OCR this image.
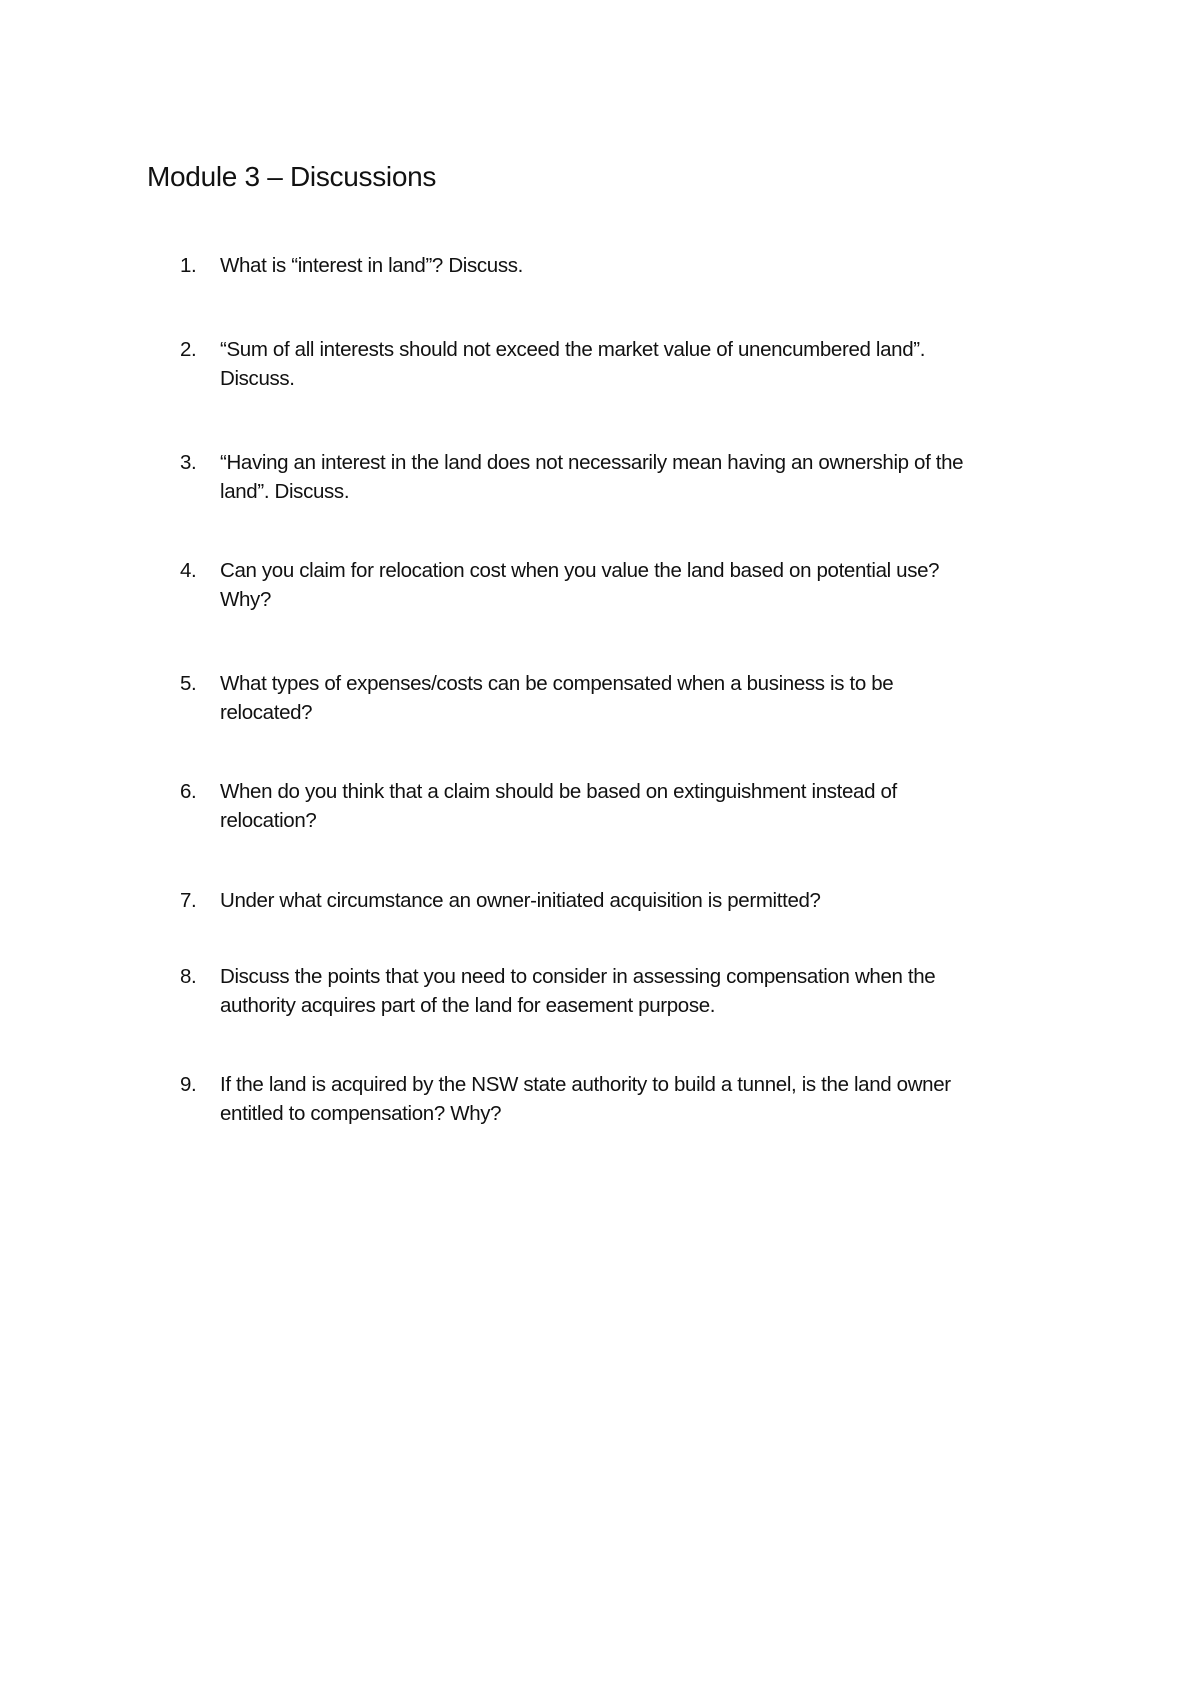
Module 3 – Discussions
1.	What is “interest in land”? Discuss.
2.	“Sum of all interests should not exceed the market value of unencumbered land”.
Discuss.
3.	“Having an interest in the land does not necessarily mean having an ownership of the
land”. Discuss.
4.	Can you claim for relocation cost when you value the land based on potential use?
Why?
5.	What types of expenses/costs can be compensated when a business is to be
relocated?
6.	When do you think that a claim should be based on extinguishment instead of
relocation?
7.	Under what circumstance an owner-initiated acquisition is permitted?
8.	Discuss the points that you need to consider in assessing compensation when the
authority acquires part of the land for easement purpose.
9.	If the land is acquired by the NSW state authority to build a tunnel, is the land owner
entitled to compensation? Why?
